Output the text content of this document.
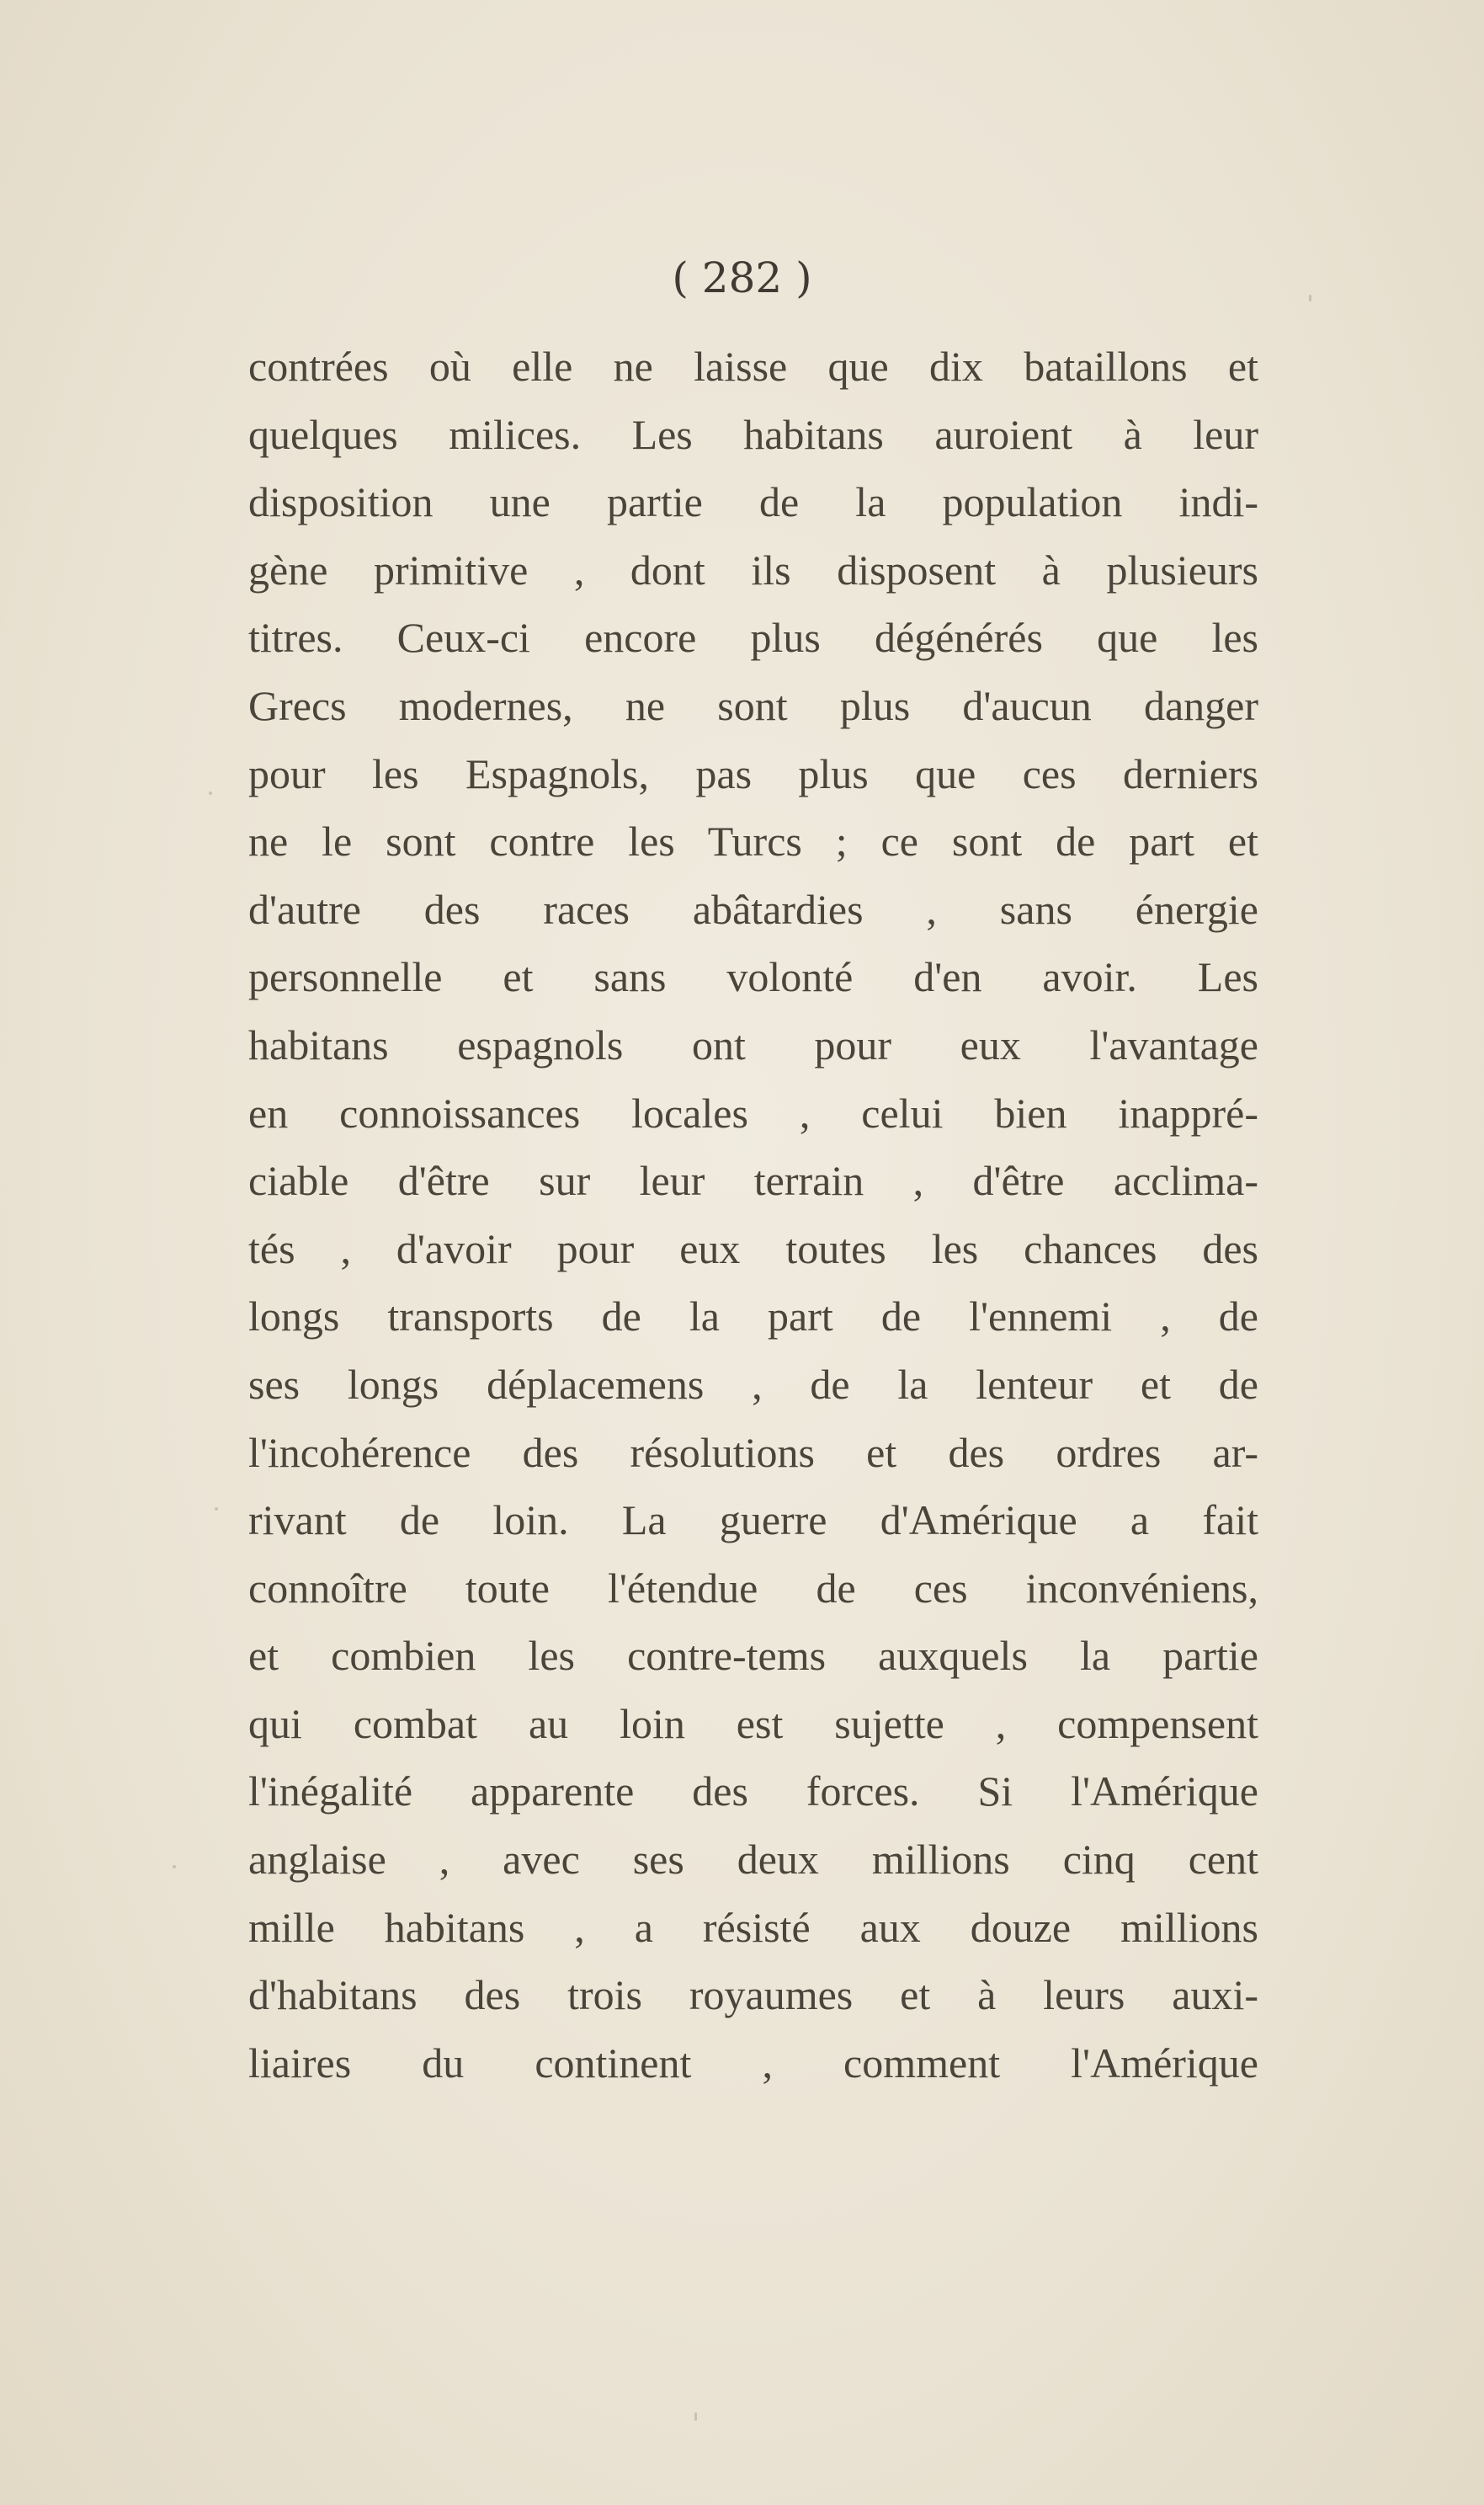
( 282 )
contrées où elle ne laisse que dix bataillons et
quelques milices. Les habitans auroient à leur
disposition une partie de la population indi-
gène primitive , dont ils disposent à plusieurs
titres. Ceux-ci encore plus dégénérés que les
Grecs modernes, ne sont plus d'aucun danger
pour les Espagnols, pas plus que ces derniers
ne le sont contre les Turcs ; ce sont de part et
d'autre des races abâtardies , sans énergie
personnelle et sans volonté d'en avoir. Les
habitans espagnols ont pour eux l'avantage
en connoissances locales , celui bien inappré-
ciable d'être sur leur terrain , d'être acclima-
tés , d'avoir pour eux toutes les chances des
longs transports de la part de l'ennemi , de
ses longs déplacemens , de la lenteur et de
l'incohérence des résolutions et des ordres ar-
rivant de loin. La guerre d'Amérique a fait
connoître toute l'étendue de ces inconvéniens,
et combien les contre-tems auxquels la partie
qui combat au loin est sujette , compensent
l'inégalité apparente des forces. Si l'Amérique
anglaise , avec ses deux millions cinq cent
mille habitans , a résisté aux douze millions
d'habitans des trois royaumes et à leurs auxi-
liaires du continent , comment l'Amérique
